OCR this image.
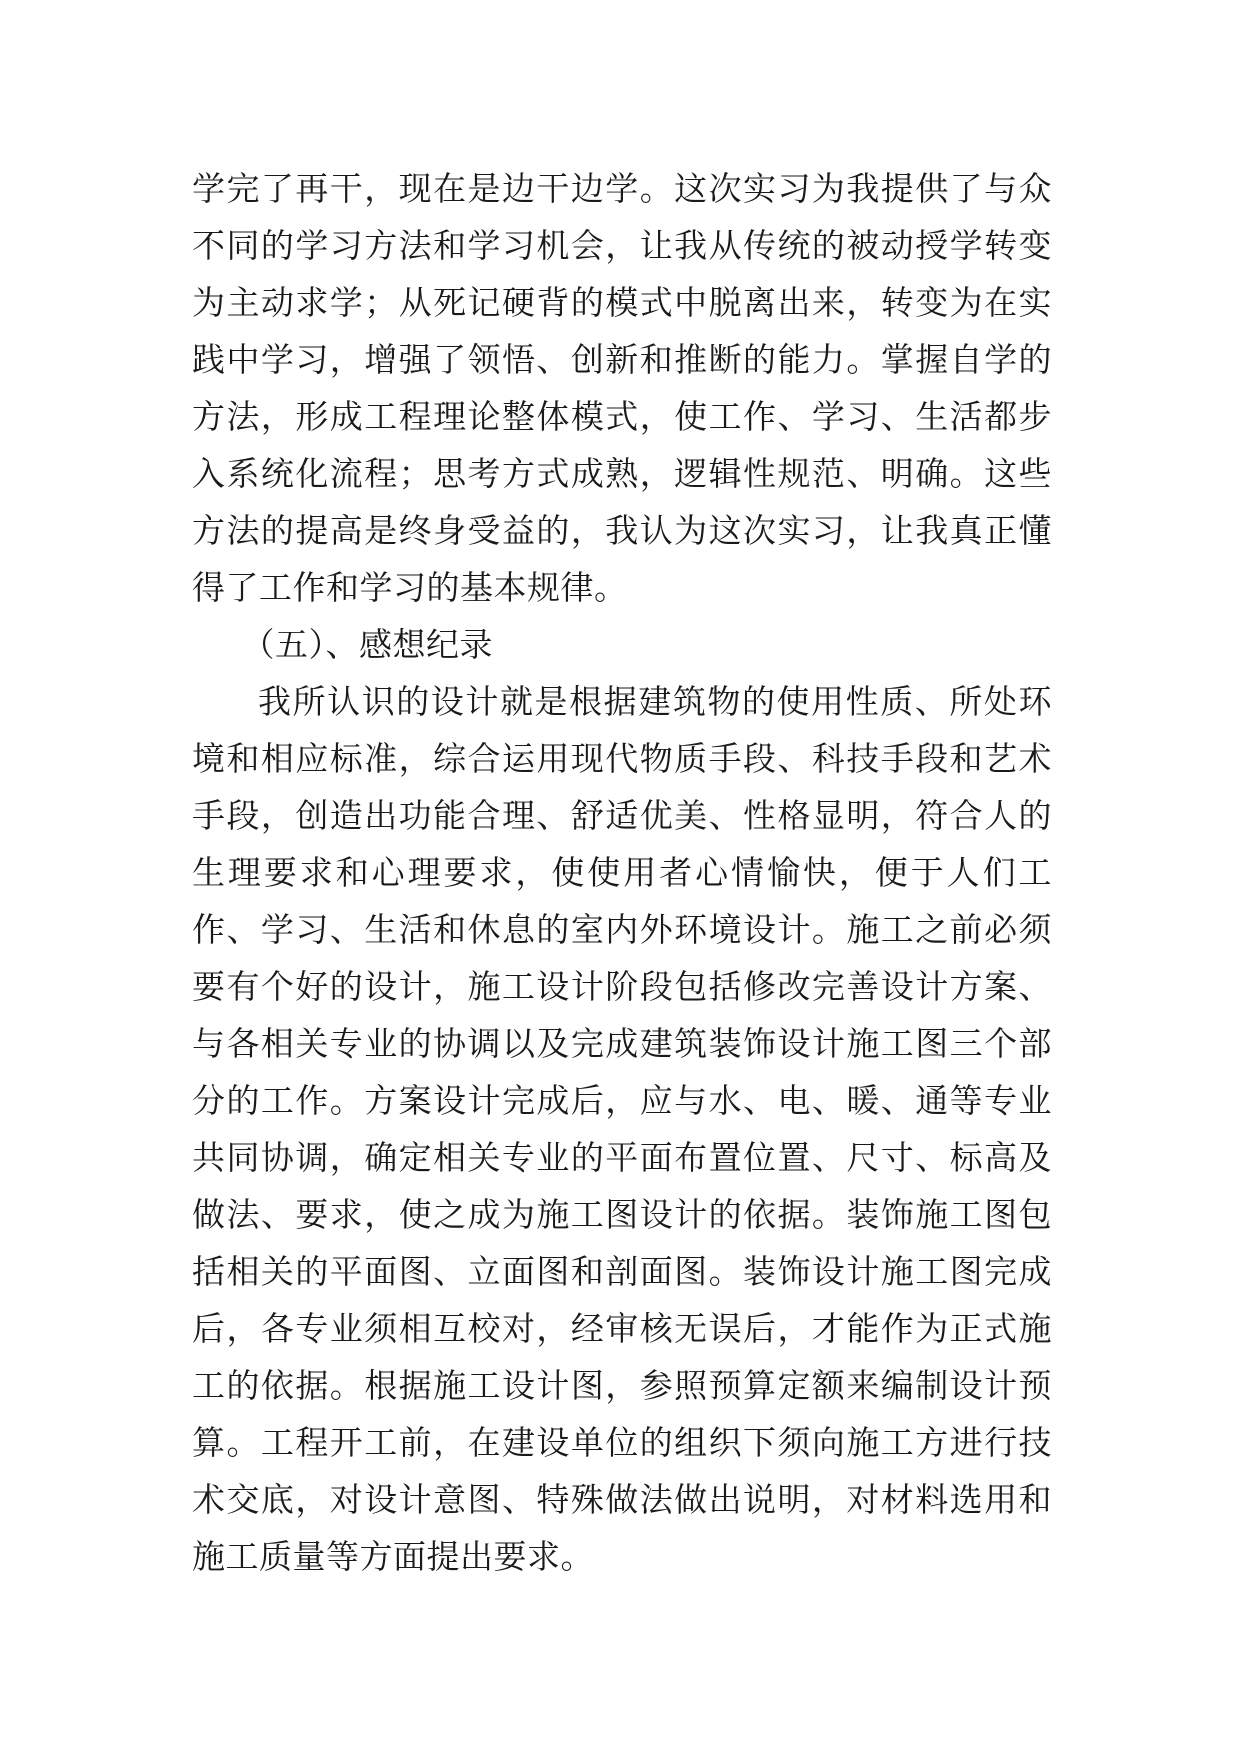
学完了再干，现在是边干边学。这次实习为我提供了与众不同的学习方法和学习机会，让我从传统的被动授学转变为主动求学；从死记硬背的模式中脱离出来，转变为在实践中学习，增强了领悟、创新和推断的能力。掌握自学的方法，形成工程理论整体模式，使工作、学习、生活都步入系统化流程；思考方式成熟，逻辑性规范、明确。这些方法的提高是终身受益的，我认为这次实习，让我真正懂得了工作和学习的基本规律。

（五）、感想纪录

我所认识的设计就是根据建筑物的使用性质、所处环境和相应标准，综合运用现代物质手段、科技手段和艺术手段，创造出功能合理、舒适优美、性格显明，符合人的生理要求和心理要求，使使用者心情愉快，便于人们工作、学习、生活和休息的室内外环境设计。施工之前必须要有个好的设计，施工设计阶段包括修改完善设计方案、与各相关专业的协调以及完成建筑装饰设计施工图三个部分的工作。方案设计完成后，应与水、电、暖、通等专业共同协调，确定相关专业的平面布置位置、尺寸、标高及做法、要求，使之成为施工图设计的依据。装饰施工图包括相关的平面图、立面图和剖面图。装饰设计施工图完成后，各专业须相互校对，经审核无误后，才能作为正式施工的依据。根据施工设计图，参照预算定额来编制设计预算。工程开工前，在建设单位的组织下须向施工方进行技术交底，对设计意图、特殊做法做出说明，对材料选用和施工质量等方面提出要求。
